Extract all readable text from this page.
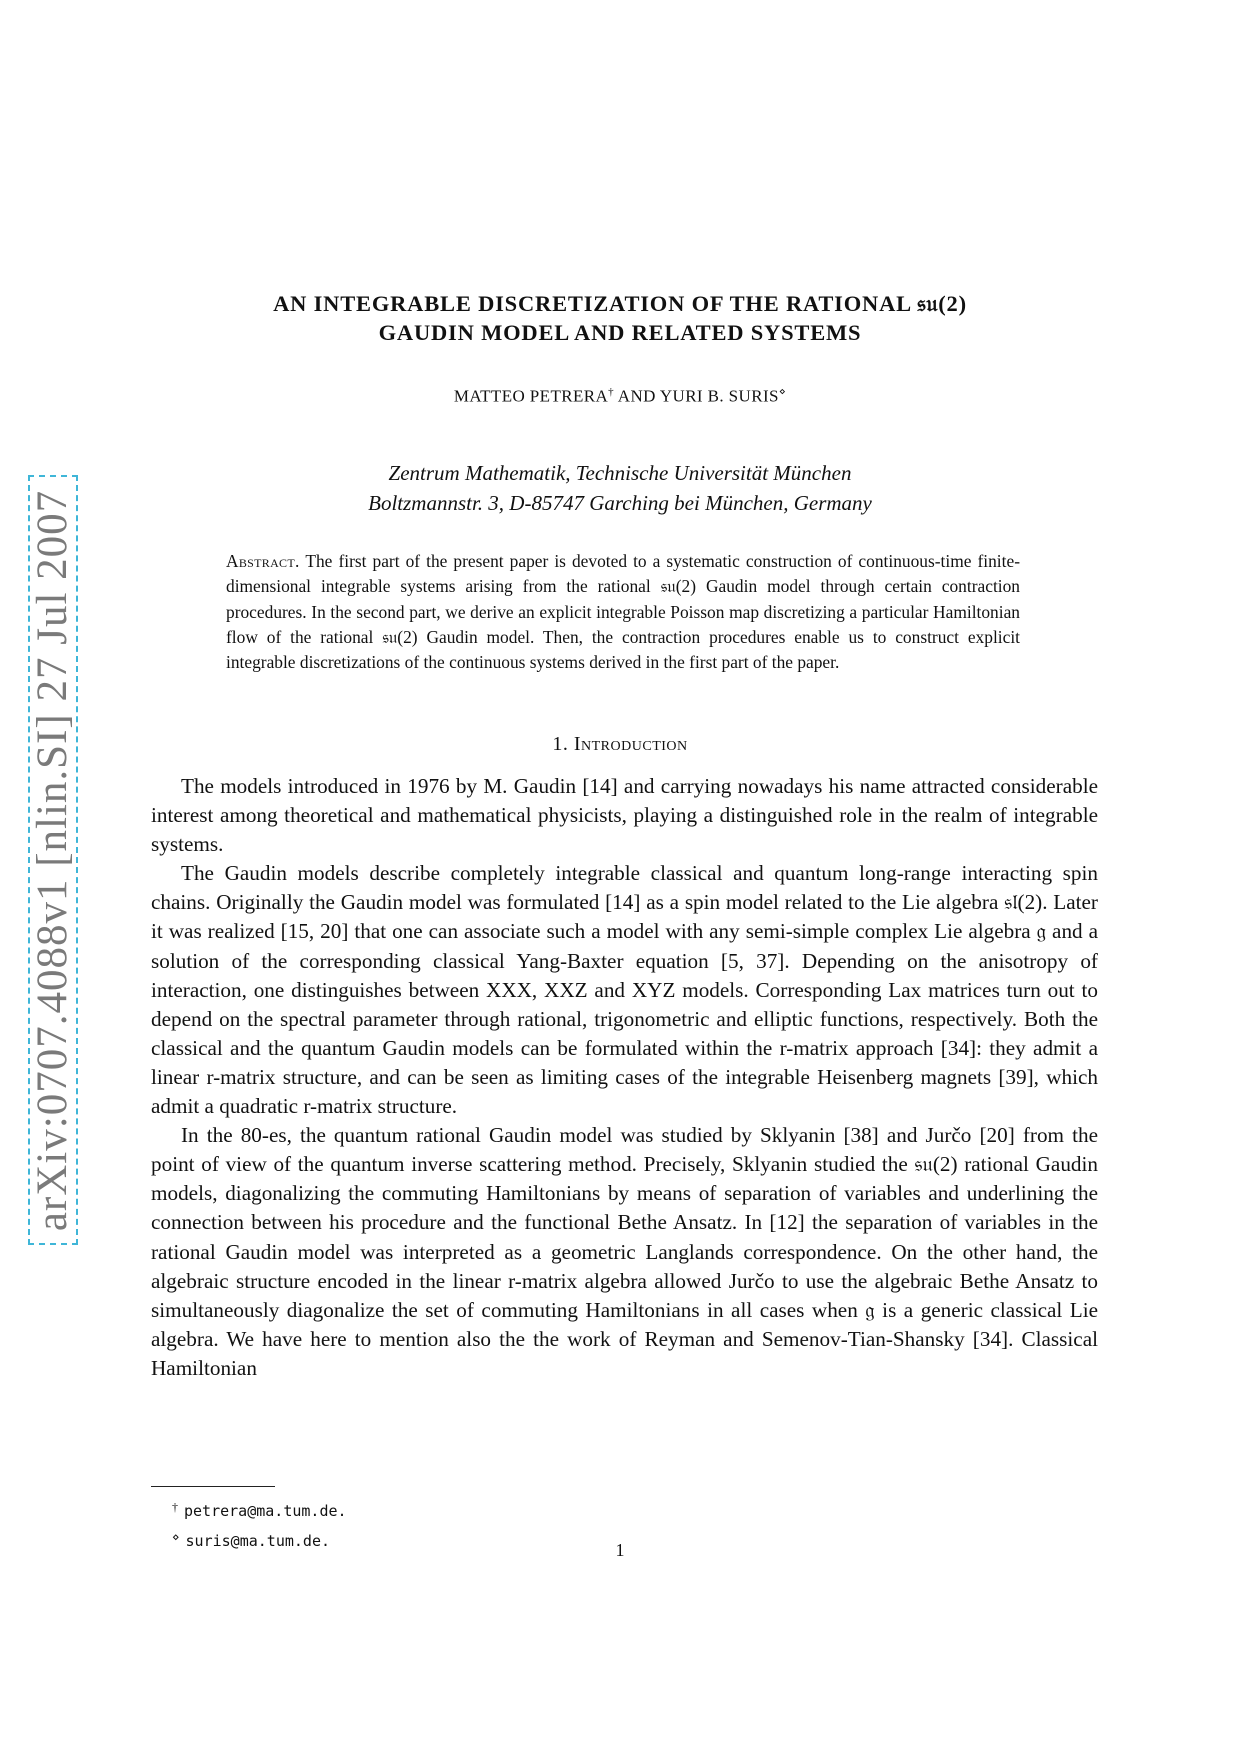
arXiv:0707.4088v1 [nlin.SI] 27 Jul 2007
AN INTEGRABLE DISCRETIZATION OF THE RATIONAL 𝔰𝔲(2)
GAUDIN MODEL AND RELATED SYSTEMS
MATTEO PETRERA† AND YURI B. SURIS⋄
Zentrum Mathematik, Technische Universität München
Boltzmannstr. 3, D-85747 Garching bei München, Germany
Abstract. The first part of the present paper is devoted to a systematic construction of continuous-time finite-dimensional integrable systems arising from the rational 𝔰𝔲(2) Gaudin model through certain contraction procedures. In the second part, we derive an explicit integrable Poisson map discretizing a particular Hamiltonian flow of the rational 𝔰𝔲(2) Gaudin model. Then, the contraction procedures enable us to construct explicit integrable discretizations of the continuous systems derived in the first part of the paper.
1. Introduction

The models introduced in 1976 by M. Gaudin [14] and carrying nowadays his name attracted considerable interest among theoretical and mathematical physicists, playing a distinguished role in the realm of integrable systems.

The Gaudin models describe completely integrable classical and quantum long-range interacting spin chains. Originally the Gaudin model was formulated [14] as a spin model related to the Lie algebra 𝔰𝔩(2). Later it was realized [15, 20] that one can associate such a model with any semi-simple complex Lie algebra 𝔤 and a solution of the corresponding classical Yang-Baxter equation [5, 37]. Depending on the anisotropy of interaction, one distinguishes between XXX, XXZ and XYZ models. Corresponding Lax matrices turn out to depend on the spectral parameter through rational, trigonometric and elliptic functions, respectively. Both the classical and the quantum Gaudin models can be formulated within the r-matrix approach [34]: they admit a linear r-matrix structure, and can be seen as limiting cases of the integrable Heisenberg magnets [39], which admit a quadratic r-matrix structure.

In the 80-es, the quantum rational Gaudin model was studied by Sklyanin [38] and Jurčo [20] from the point of view of the quantum inverse scattering method. Precisely, Sklyanin studied the 𝔰𝔲(2) rational Gaudin models, diagonalizing the commuting Hamiltonians by means of separation of variables and underlining the connection between his procedure and the functional Bethe Ansatz. In [12] the separation of variables in the rational Gaudin model was interpreted as a geometric Langlands correspondence. On the other hand, the algebraic structure encoded in the linear r-matrix algebra allowed Jurčo to use the algebraic Bethe Ansatz to simultaneously diagonalize the set of commuting Hamiltonians in all cases when 𝔤 is a generic classical Lie algebra. We have here to mention also the the work of Reyman and Semenov-Tian-Shansky [34]. Classical Hamiltonian

† petrera@ma.tum.de.
⋄ suris@ma.tum.de.	1
